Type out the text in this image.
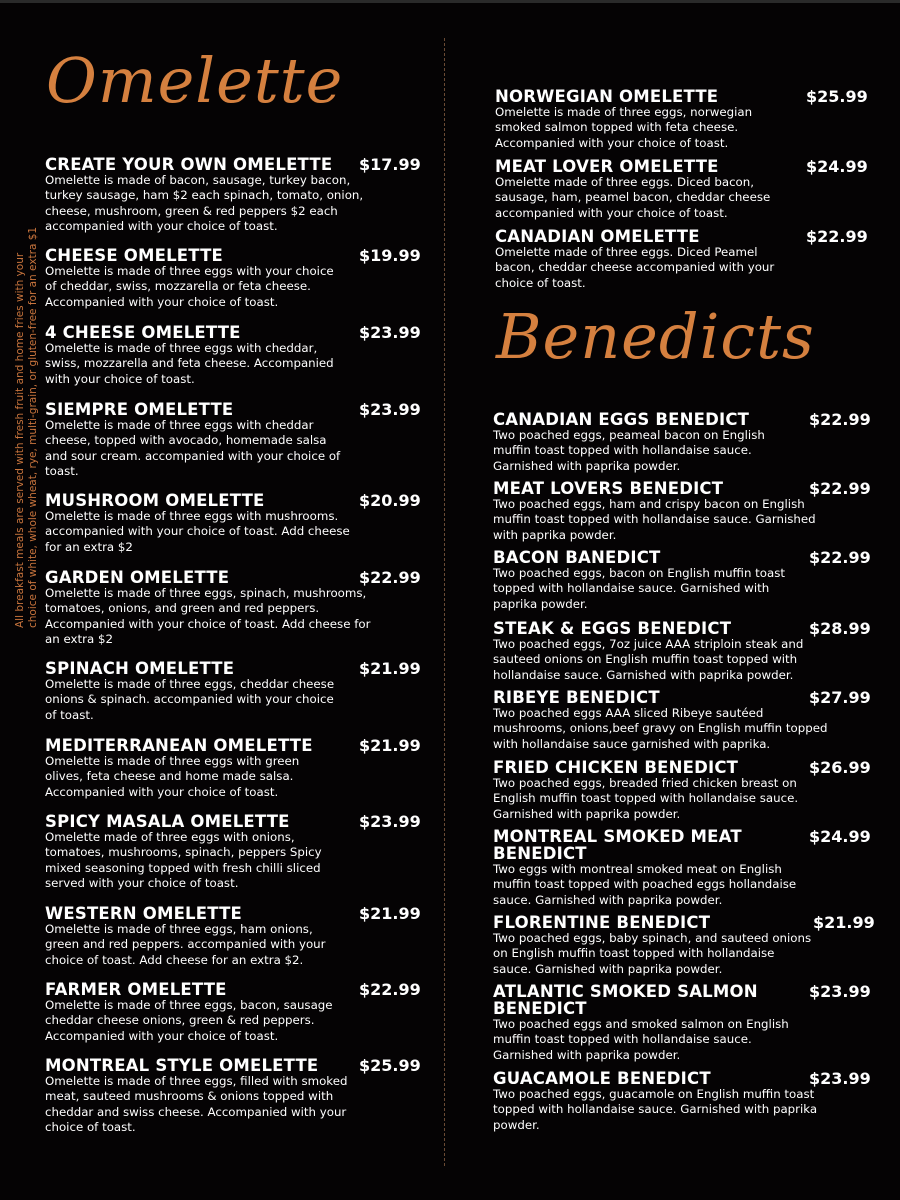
All breakfast meals are served with fresh fruit and home fries with your choice of white, whole wheat, rye, multi-grain, or gluten-free for an extra $1
Omelette
Benedicts
CREATE YOUR OWN OMELETTE	$17.99
Omelette is made of bacon, sausage, turkey bacon, turkey sausage, ham $2 each spinach, tomato, onion, cheese, mushroom, green & red peppers $2 each accompanied with your choice of toast.
CHEESE OMELETTE	$19.99
Omelette is made of three eggs with your choice of cheddar, swiss, mozzarella or feta cheese. Accompanied with your choice of toast.
4 CHEESE OMELETTE	$23.99
Omelette is made of three eggs with cheddar, swiss, mozzarella and feta cheese. Accompanied with your choice of toast.
SIEMPRE OMELETTE	$23.99
Omelette is made of three eggs with cheddar cheese, topped with avocado, homemade salsa and sour cream. accompanied with your choice of toast.
MUSHROOM OMELETTE	$20.99
Omelette is made of three eggs with mushrooms. accompanied with your choice of toast. Add cheese for an extra $2
GARDEN OMELETTE	$22.99
Omelette is made of three eggs, spinach, mushrooms, tomatoes, onions, and green and red peppers. Accompanied with your choice of toast. Add cheese for an extra $2
SPINACH OMELETTE	$21.99
Omelette is made of three eggs, cheddar cheese onions & spinach. accompanied with your choice of toast.
MEDITERRANEAN OMELETTE	$21.99
Omelette is made of three eggs with green olives, feta cheese and home made salsa. Accompanied with your choice of toast.
SPICY MASALA OMELETTE	$23.99
Omelette made of three eggs with onions, tomatoes, mushrooms, spinach, peppers Spicy mixed seasoning topped with fresh chilli sliced served with your choice of toast.
WESTERN OMELETTE	$21.99
Omelette is made of three eggs, ham onions, green and red peppers. accompanied with your choice of toast. Add cheese for an extra $2.
FARMER OMELETTE	$22.99
Omelette is made of three eggs, bacon, sausage cheddar cheese onions, green & red peppers. Accompanied with your choice of toast.
MONTREAL STYLE OMELETTE	$25.99
Omelette is made of three eggs, filled with smoked meat, sauteed mushrooms & onions topped with cheddar and swiss cheese. Accompanied with your choice of toast.
NORWEGIAN OMELETTE	$25.99
Omelette is made of three eggs, norwegian smoked salmon topped with feta cheese. Accompanied with your choice of toast.
MEAT LOVER OMELETTE	$24.99
Omelette made of three eggs. Diced bacon, sausage, ham, peamel bacon, cheddar cheese accompanied with your choice of toast.
CANADIAN OMELETTE	$22.99
Omelette made of three eggs. Diced Peamel bacon, cheddar cheese accompanied with your choice of toast.
CANADIAN EGGS BENEDICT	$22.99
Two poached eggs, peameal bacon on English muffin toast topped with hollandaise sauce. Garnished with paprika powder.
MEAT LOVERS BENEDICT	$22.99
Two poached eggs, ham and crispy bacon on English muffin toast topped with hollandaise sauce. Garnished with paprika powder.
BACON BANEDICT	$22.99
Two poached eggs, bacon on English muffin toast topped with hollandaise sauce. Garnished with paprika powder.
STEAK & EGGS BENEDICT	$28.99
Two poached eggs, 7oz juice AAA striploin steak and sauteed onions on English muffin toast topped with hollandaise sauce. Garnished with paprika powder.
RIBEYE BENEDICT	$27.99
Two poached eggs AAA sliced Ribeye sautéed mushrooms, onions,beef gravy on English muffin topped with hollandaise sauce garnished with paprika.
FRIED CHICKEN BENEDICT	$26.99
Two poached eggs, breaded fried chicken breast on English muffin toast topped with hollandaise sauce. Garnished with paprika powder.
MONTREAL SMOKED MEAT BENEDICT
$24.99
Two eggs with montreal smoked meat on English muffin toast topped with poached eggs hollandaise sauce. Garnished with paprika powder.
FLORENTINE BENEDICT	$21.99
Two poached eggs, baby spinach, and sauteed onions on English muffin toast topped with hollandaise sauce. Garnished with paprika powder.
ATLANTIC SMOKED SALMON BENEDICT
$23.99
Two poached eggs and smoked salmon on English muffin toast topped with hollandaise sauce. Garnished with paprika powder.
GUACAMOLE BENEDICT	$23.99
Two poached eggs, guacamole on English muffin toast topped with hollandaise sauce. Garnished with paprika powder.
